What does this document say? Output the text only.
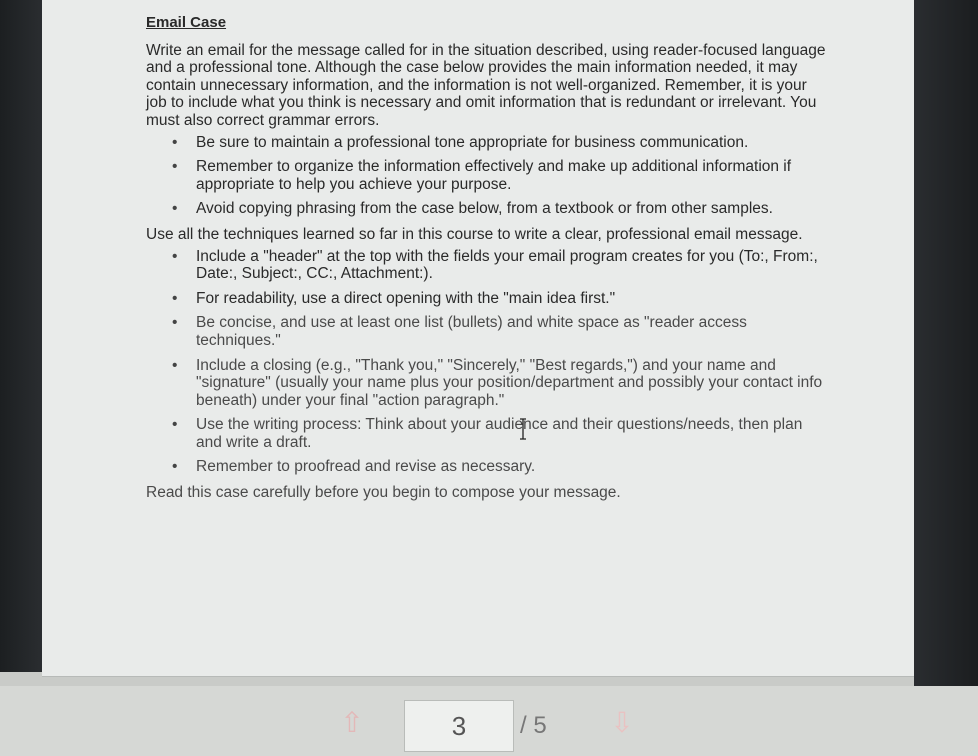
Email Case

Write an email for the message called for in the situation described, using reader-focused language and a professional tone. Although the case below provides the main information needed, it may contain unnecessary information, and the information is not well-organized. Remember, it is your job to include what you think is necessary and omit information that is redundant or irrelevant. You must also correct grammar errors.

• Be sure to maintain a professional tone appropriate for business communication.
• Remember to organize the information effectively and make up additional information if appropriate to help you achieve your purpose.
• Avoid copying phrasing from the case below, from a textbook or from other samples.

Use all the techniques learned so far in this course to write a clear, professional email message.

• Include a "header" at the top with the fields your email program creates for you (To:, From:, Date:, Subject:, CC:, Attachment:).
• For readability, use a direct opening with the "main idea first."
• Be concise, and use at least one list (bullets) and white space as "reader access techniques."
• Include a closing (e.g., "Thank you," "Sincerely," "Best regards,") and your name and "signature" (usually your name plus your position/department and possibly your contact info beneath) under your final "action paragraph."
• Use the writing process: Think about your audience and their questions/needs, then plan and write a draft.
• Remember to proofread and revise as necessary.

Read this case carefully before you begin to compose your message.

⇧	3	/ 5 ⇩
